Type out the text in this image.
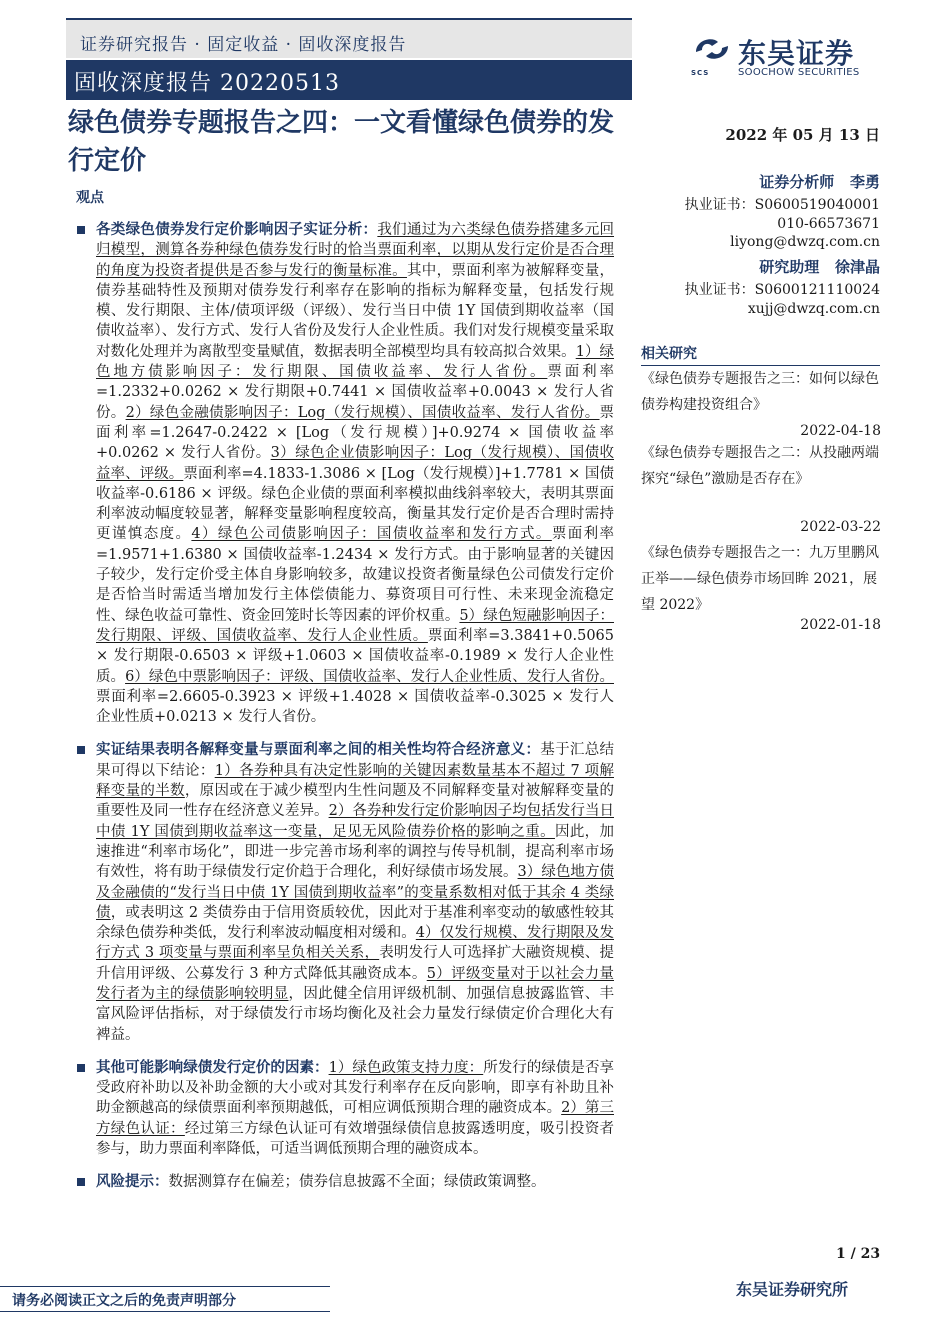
证券研究报告 · 固定收益 · 固收深度报告
固收深度报告 20220513	SCS
东吴证券
SOOCHOW SECURITIES
绿色债券专题报告之四：一文看懂绿色债券的发行定价
观点
2022 年 05 月 13 日
证券分析师 李勇
执业证书：S0600519040001
010-66573671
liyong@dwzq.com.cn
研究助理 徐津晶
执业证书：S0600121110024
xujj@dwzq.com.cn
相关研究
《绿色债券专题报告之三：如何以绿色债券构建投资组合》
2022-04-18
《绿色债券专题报告之二：从投融两端探究“绿色”激励是否存在》
2022-03-22
《绿色债券专题报告之一：九万里鹏风正举——绿色债券市场回眸 2021，展望 2022》
2022-01-18

各类绿色债券发行定价影响因子实证分析：我们通过为六类绿色债券搭建多元回归模型，测算各券种绿色债券发行时的恰当票面利率，以期从发行定价是否合理的角度为投资者提供是否参与发行的衡量标准。其中，票面利率为被解释变量，债券基础特性及预期对债券发行利率存在影响的指标为解释变量，包括发行规模、发行期限、主体/债项评级（评级）、发行当日中债 1Y 国债到期收益率（国债收益率）、发行方式、发行人省份及发行人企业性质。我们对发行规模变量采取对数化处理并为离散型变量赋值，数据表明全部模型均具有较高拟合效果。1）绿色地方债影响因子：发行期限、国债收益率、发行人省份。票面利率=1.2332+0.0262 × 发行期限+0.7441 × 国债收益率+0.0043 × 发行人省份。2）绿色金融债影响因子：Log（发行规模）、国债收益率、发行人省份。票面利率=1.2647-0.2422 × [Log（发行规模）]+0.9274 × 国债收益率+0.0262 × 发行人省份。3）绿色企业债影响因子：Log（发行规模）、国债收益率、评级。票面利率=4.1833-1.3086 × [Log（发行规模）]+1.7781 × 国债收益率-0.6186 × 评级。绿色企业债的票面利率模拟曲线斜率较大，表明其票面利率波动幅度较显著，解释变量影响程度较高，衡量其发行定价是否合理时需持更谨慎态度。4）绿色公司债影响因子：国债收益率和发行方式。票面利率=1.9571+1.6380 × 国债收益率-1.2434 × 发行方式。由于影响显著的关键因子较少，发行定价受主体自身影响较多，故建议投资者衡量绿色公司债发行定价是否恰当时需适当增加发行主体偿债能力、募资项目可行性、未来现金流稳定性、绿色收益可靠性、资金回笼时长等因素的评价权重。5）绿色短融影响因子：发行期限、评级、国债收益率、发行人企业性质。票面利率=3.3841+0.5065 × 发行期限-0.6503 × 评级+1.0603 × 国债收益率-0.1989 × 发行人企业性质。6）绿色中票影响因子：评级、国债收益率、发行人企业性质、发行人省份。票面利率=2.6605-0.3923 × 评级+1.4028 × 国债收益率-0.3025 × 发行人企业性质+0.0213 × 发行人省份。

实证结果表明各解释变量与票面利率之间的相关性均符合经济意义：基于汇总结果可得以下结论：1）各券种具有决定性影响的关键因素数量基本不超过 7 项解释变量的半数，原因或在于减少模型内生性问题及不同解释变量对被解释变量的重要性及同一性存在经济意义差异。2）各券种发行定价影响因子均包括发行当日中债 1Y 国债到期收益率这一变量，足见无风险债券价格的影响之重。因此，加速推进“利率市场化”，即进一步完善市场利率的调控与传导机制，提高利率市场有效性，将有助于绿债发行定价趋于合理化，利好绿债市场发展。3）绿色地方债及金融债的“发行当日中债 1Y 国债到期收益率”的变量系数相对低于其余 4 类绿债，或表明这 2 类债券由于信用资质较优，因此对于基准利率变动的敏感性较其余绿色债券种类低，发行利率波动幅度相对缓和。4）仅发行规模、发行期限及发行方式 3 项变量与票面利率呈负相关关系，表明发行人可选择扩大融资规模、提升信用评级、公募发行 3 种方式降低其融资成本。5）评级变量对于以社会力量发行者为主的绿债影响较明显，因此健全信用评级机制、加强信息披露监管、丰富风险评估指标，对于绿债发行市场均衡化及社会力量发行绿债定价合理化大有裨益。

其他可能影响绿债发行定价的因素：1）绿色政策支持力度：所发行的绿债是否享受政府补助以及补助金额的大小或对其发行利率存在反向影响，即享有补助且补助金额越高的绿债票面利率预期越低，可相应调低预期合理的融资成本。2）第三方绿色认证：经过第三方绿色认证可有效增强绿债信息披露透明度，吸引投资者参与，助力票面利率降低，可适当调低预期合理的融资成本。

风险提示：数据测算存在偏差；债券信息披露不全面；绿债政策调整。

1 / 23
东吴证券研究所
请务必阅读正文之后的免责声明部分
